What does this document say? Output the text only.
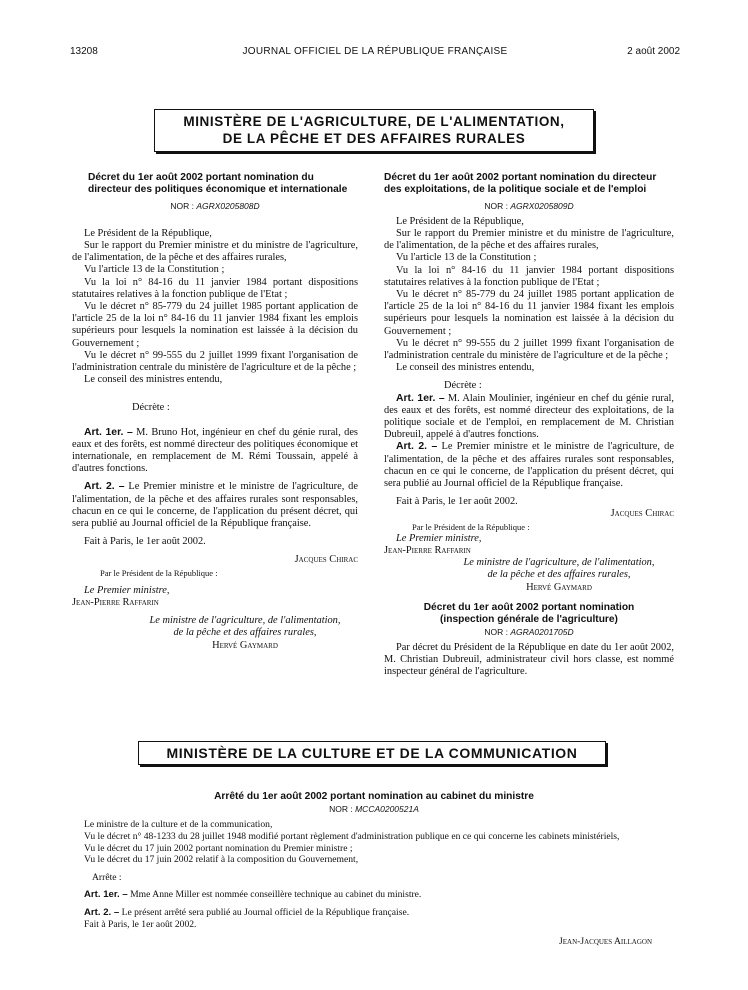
13208	JOURNAL OFFICIEL DE LA RÉPUBLIQUE FRANÇAISE	2 août 2002
MINISTÈRE DE L'AGRICULTURE, DE L'ALIMENTATION,
DE LA PÊCHE ET DES AFFAIRES RURALES
Décret du 1er août 2002 portant nomination du directeur des politiques économique et internationale
NOR : AGRX0205808D

Le Président de la République,

Sur le rapport du Premier ministre et du ministre de l'agriculture, de l'alimentation, de la pêche et des affaires rurales,

Vu l'article 13 de la Constitution ;

Vu la loi n° 84-16 du 11 janvier 1984 portant dispositions statutaires relatives à la fonction publique de l'Etat ;

Vu le décret n° 85-779 du 24 juillet 1985 portant application de l'article 25 de la loi n° 84-16 du 11 janvier 1984 fixant les emplois supérieurs pour lesquels la nomination est laissée à la décision du Gouvernement ;

Vu le décret n° 99-555 du 2 juillet 1999 fixant l'organisation de l'administration centrale du ministère de l'agriculture et de la pêche ;

Le conseil des ministres entendu,

Décrète :

Art. 1er. – M. Bruno Hot, ingénieur en chef du génie rural, des eaux et des forêts, est nommé directeur des politiques économique et internationale, en remplacement de M. Rémi Toussain, appelé à d'autres fonctions.

Art. 2. – Le Premier ministre et le ministre de l'agriculture, de l'alimentation, de la pêche et des affaires rurales sont responsables, chacun en ce qui le concerne, de l'application du présent décret, qui sera publié au Journal officiel de la République française.

Fait à Paris, le 1er août 2002.

Jacques Chirac

Par le Président de la République :

Le Premier ministre,

Jean-Pierre Raffarin

Le ministre de l'agriculture, de l'alimentation,
de la pêche et des affaires rurales,
Hervé Gaymard
Décret du 1er août 2002 portant nomination du directeur des exploitations, de la politique sociale et de l'emploi
NOR : AGRX0205809D

Le Président de la République,

Sur le rapport du Premier ministre et du ministre de l'agriculture, de l'alimentation, de la pêche et des affaires rurales,

Vu l'article 13 de la Constitution ;

Vu la loi n° 84-16 du 11 janvier 1984 portant dispositions statutaires relatives à la fonction publique de l'Etat ;

Vu le décret n° 85-779 du 24 juillet 1985 portant application de l'article 25 de la loi n° 84-16 du 11 janvier 1984 fixant les emplois supérieurs pour lesquels la nomination est laissée à la décision du Gouvernement ;

Vu le décret n° 99-555 du 2 juillet 1999 fixant l'organisation de l'administration centrale du ministère de l'agriculture et de la pêche ;

Le conseil des ministres entendu,

Décrète :

Art. 1er. – M. Alain Moulinier, ingénieur en chef du génie rural, des eaux et des forêts, est nommé directeur des exploitations, de la politique sociale et de l'emploi, en remplacement de M. Christian Dubreuil, appelé à d'autres fonctions.

Art. 2. – Le Premier ministre et le ministre de l'agriculture, de l'alimentation, de la pêche et des affaires rurales sont responsables, chacun en ce qui le concerne, de l'application du présent décret, qui sera publié au Journal officiel de la République française.

Fait à Paris, le 1er août 2002.

Jacques Chirac

Par le Président de la République :

Le Premier ministre,

Jean-Pierre Raffarin

Le ministre de l'agriculture, de l'alimentation,
de la pêche et des affaires rurales,
Hervé Gaymard
Décret du 1er août 2002 portant nomination
(inspection générale de l'agriculture)
NOR : AGRA0201705D

Par décret du Président de la République en date du 1er août 2002, M. Christian Dubreuil, administrateur civil hors classe, est nommé inspecteur général de l'agriculture.

MINISTÈRE DE LA CULTURE ET DE LA COMMUNICATION
Arrêté du 1er août 2002 portant nomination au cabinet du ministre
NOR : MCCA0200521A

Le ministre de la culture et de la communication,

Vu le décret n° 48-1233 du 28 juillet 1948 modifié portant règlement d'administration publique en ce qui concerne les cabinets ministériels,

Vu le décret du 17 juin 2002 portant nomination du Premier ministre ;

Vu le décret du 17 juin 2002 relatif à la composition du Gouvernement,

Arrête :

Art. 1er. – Mme Anne Miller est nommée conseillère technique au cabinet du ministre.

Art. 2. – Le présent arrêté sera publié au Journal officiel de la République française.

Fait à Paris, le 1er août 2002.

Jean-Jacques Aillagon
